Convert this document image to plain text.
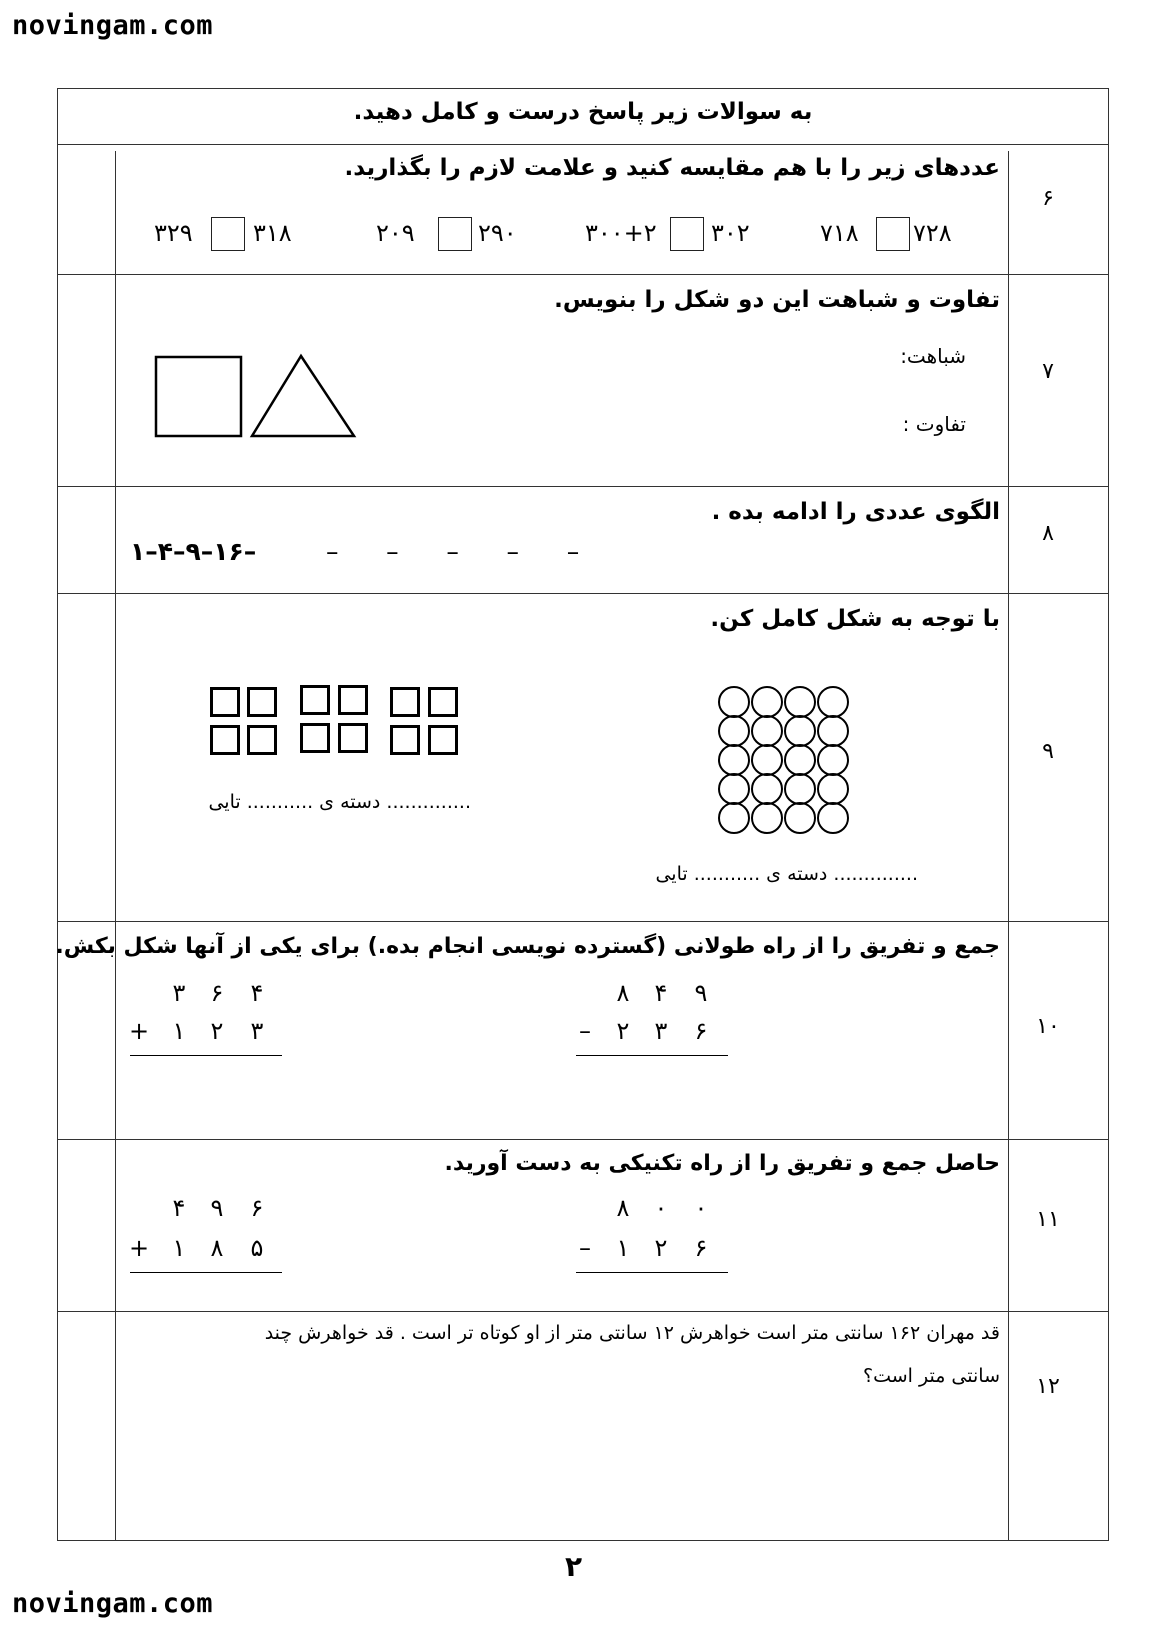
novingam.com
به سوالات زیر پاسخ درست و کامل دهید.
۶
عددهای زیر را با هم مقایسه کنید و علامت لازم را بگذارید.
۷۲۸
۷۱۸
۳۰۲
۳۰۰+۲
۲۹۰
۲۰۹
۳۱۸
۳۲۹
۷
تفاوت و شباهت این دو شکل را بنویس.
شباهت:
تفاوت :
۸
الگوی عددی را ادامه بده .
۱–۴–۹–۱۶–	–      –      –      –      –
۹
با توجه به شکل کامل کن.
.............. دسته ی ........... تایی
.............. دسته ی ........... تایی
۱۰
جمع و تفریق را از راه طولانی (گسترده نویسی انجام بده.) برای یکی از آنها شکل بکش.
۸	۴	۹
–	۲	۳	۶
۳	۶	۴
+ ۱	۲	۳
۱۱
حاصل جمع و تفریق را از راه تکنیکی به دست آورید.
۸	۰	۰
–	۱	۲	۶
۴	۹	۶
+ ۱	۸	۵
۱۲
قد مهران ۱۶۲ سانتی متر است خواهرش ۱۲ سانتی متر از او کوتاه تر است . قد خواهرش چند
سانتی متر است؟
۲
novingam.com
